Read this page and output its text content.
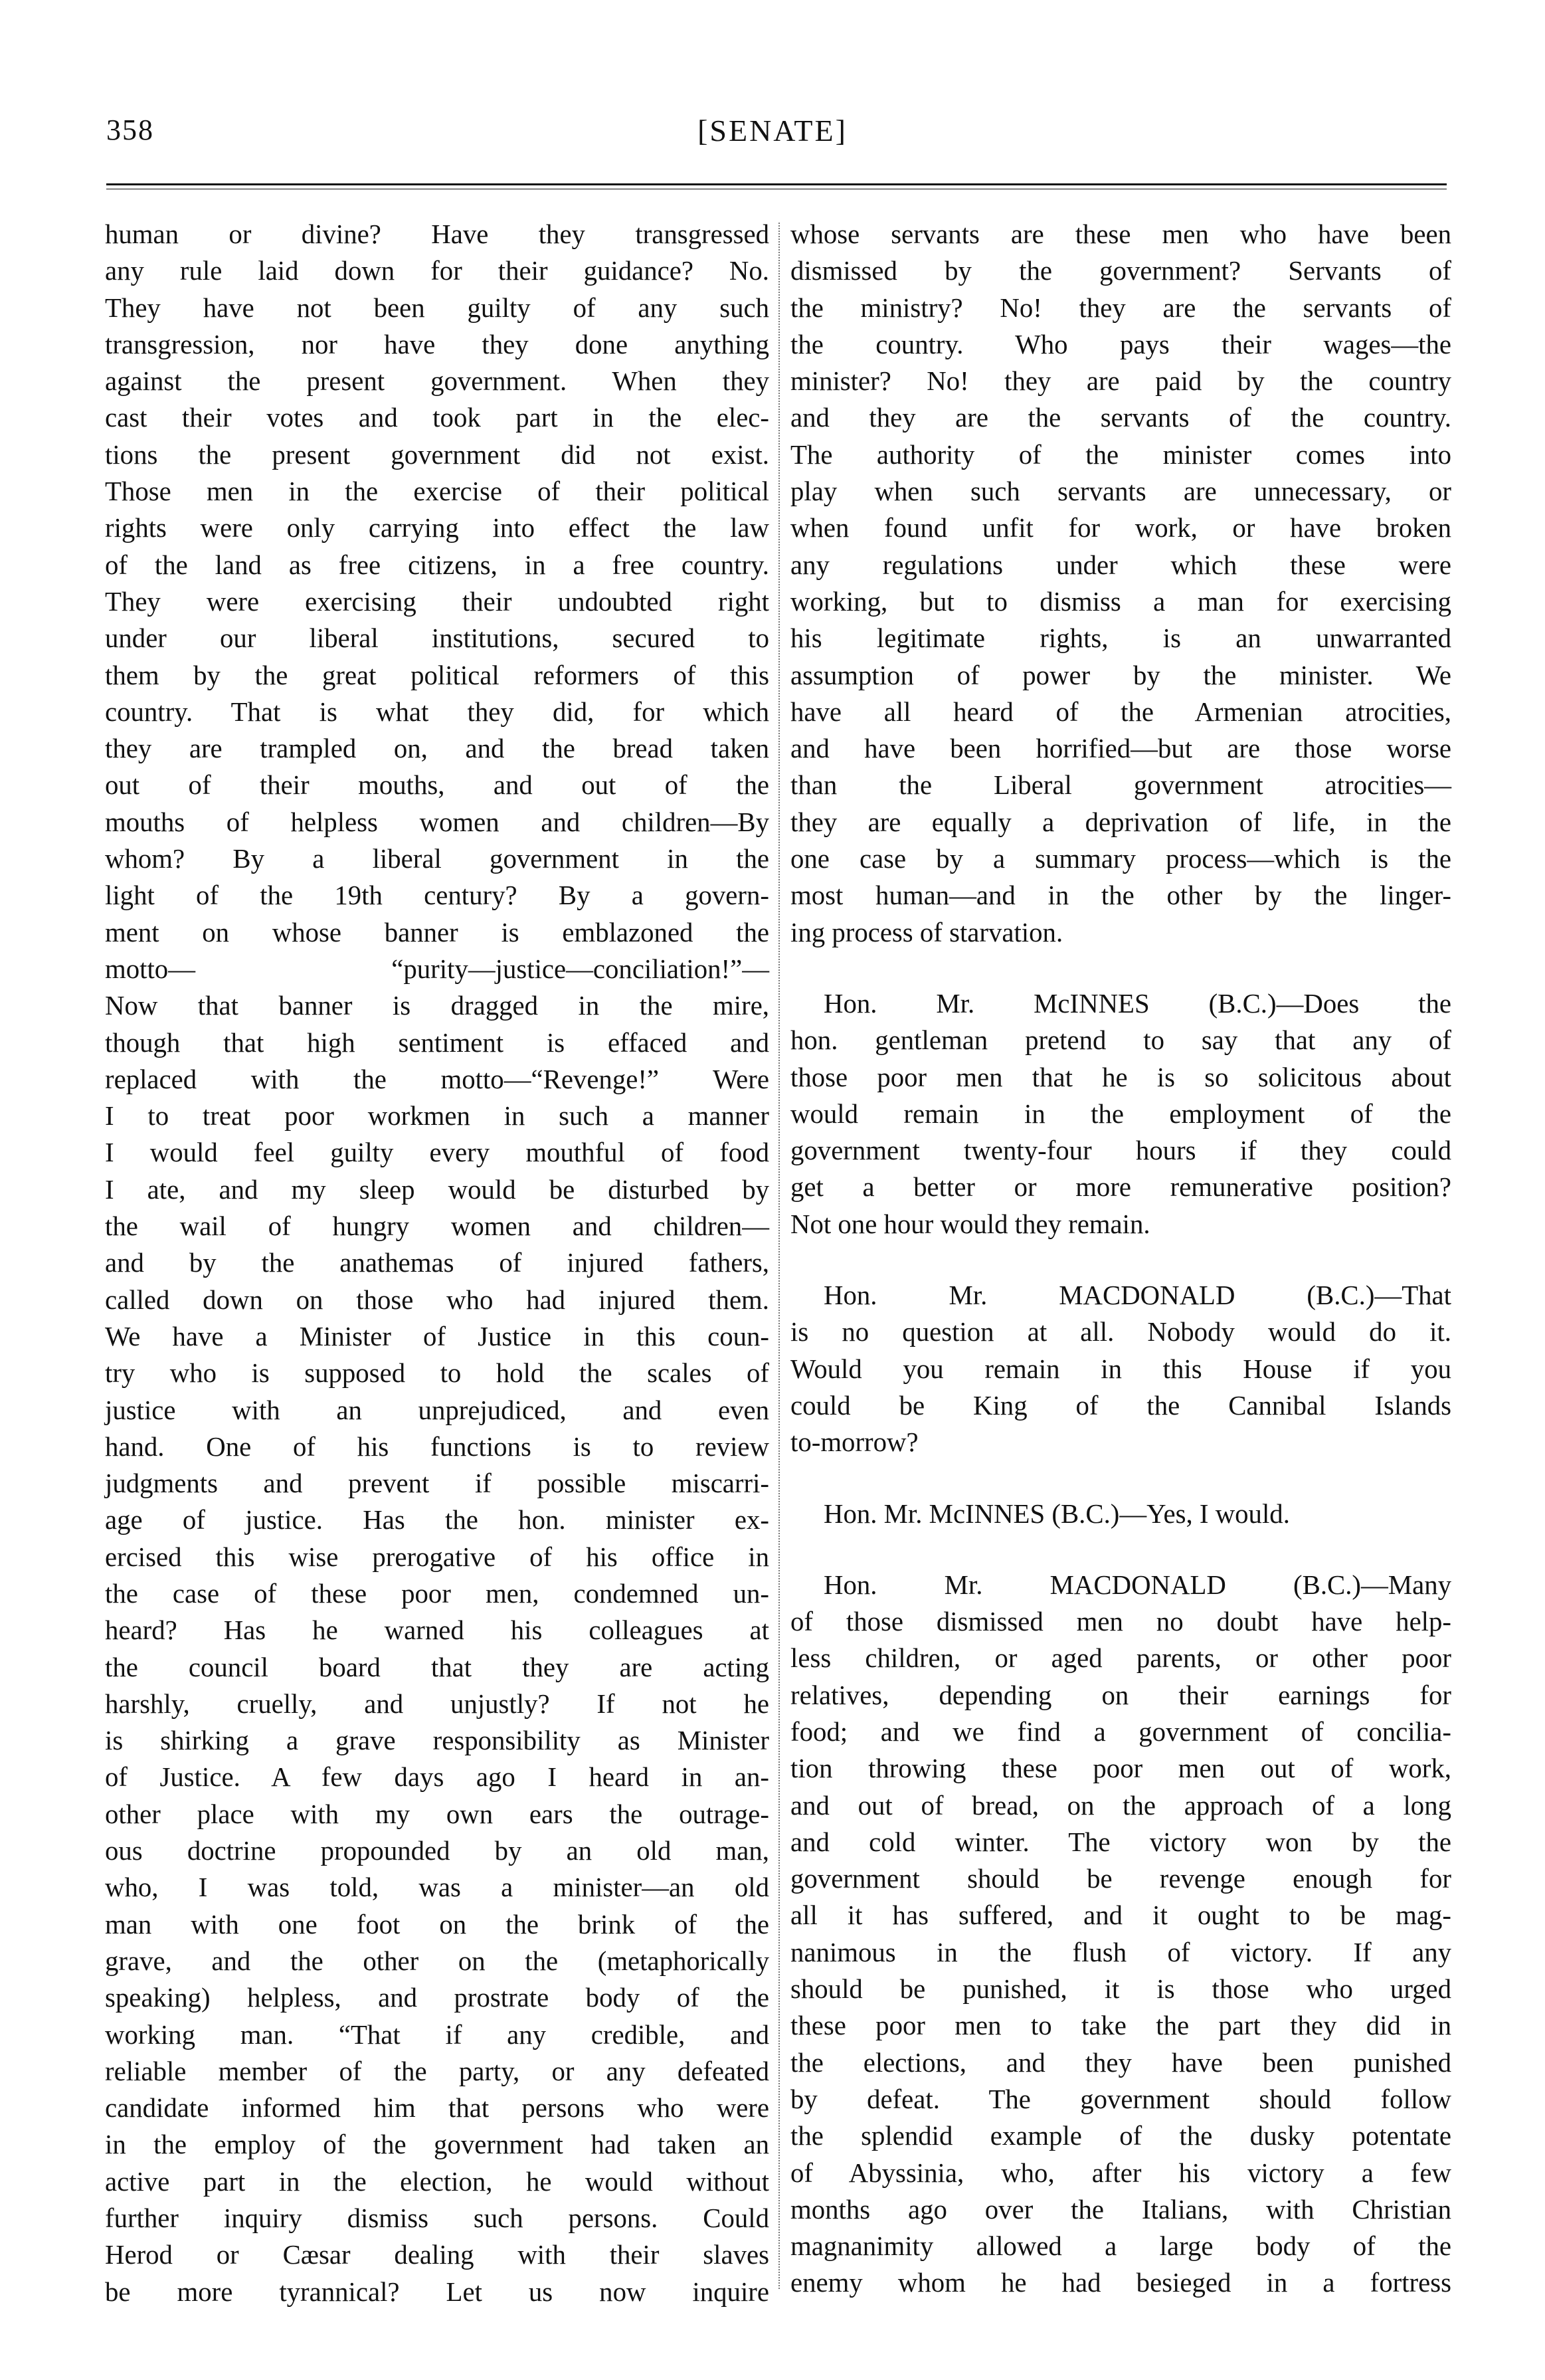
358	[SENATE]
human or divine? Have they transgressed
any rule laid down for their guidance? No.
They have not been guilty of any such
transgression, nor have they done anything
against the present government. When they
cast their votes and took part in the elec-
tions the present government did not exist.
Those men in the exercise of their political
rights were only carrying into effect the law
of the land as free citizens, in a free country.
They were exercising their undoubted right
under our liberal institutions, secured to
them by the great political reformers of this
country. That is what they did, for which
they are trampled on, and the bread taken
out of their mouths, and out of the
mouths of helpless women and children—By
whom? By a liberal government in the
light of the 19th century? By a govern-
ment on whose banner is emblazoned the
motto— “purity—justice—conciliation!”—
Now that banner is dragged in the mire,
though that high sentiment is effaced and
replaced with the motto—“Revenge!” Were
I to treat poor workmen in such a manner
I would feel guilty every mouthful of food
I ate, and my sleep would be disturbed by
the wail of hungry women and children—
and by the anathemas of injured fathers,
called down on those who had injured them.
We have a Minister of Justice in this coun-
try who is supposed to hold the scales of
justice with an unprejudiced, and even
hand. One of his functions is to review
judgments and prevent if possible miscarri-
age of justice. Has the hon. minister ex-
ercised this wise prerogative of his office in
the case of these poor men, condemned un-
heard? Has he warned his colleagues at
the council board that they are acting
harshly, cruelly, and unjustly? If not he
is shirking a grave responsibility as Minister
of Justice. A few days ago I heard in an-
other place with my own ears the outrage-
ous doctrine propounded by an old man,
who, I was told, was a minister—an old
man with one foot on the brink of the
grave, and the other on the (metaphorically
speaking) helpless, and prostrate body of the
working man. “That if any credible, and
reliable member of the party, or any defeated
candidate informed him that persons who were
in the employ of the government had taken an
active part in the election, he would without
further inquiry dismiss such persons. Could
Herod or Cæsar dealing with their slaves
be more tyrannical? Let us now inquire
whose servants are these men who have been
dismissed by the government? Servants of
the ministry? No! they are the servants of
the country. Who pays their wages—the
minister? No! they are paid by the country
and they are the servants of the country.
The authority of the minister comes into
play when such servants are unnecessary, or
when found unfit for work, or have broken
any regulations under which these were
working, but to dismiss a man for exercising
his legitimate rights, is an unwarranted
assumption of power by the minister. We
have all heard of the Armenian atrocities,
and have been horrified—but are those worse
than the Liberal government atrocities—
they are equally a deprivation of life, in the
one case by a summary process—which is the
most human—and in the other by the linger-
ing process of starvation.
Hon. Mr. McINNES (B.C.)—Does the
hon. gentleman pretend to say that any of
those poor men that he is so solicitous about
would remain in the employment of the
government twenty-four hours if they could
get a better or more remunerative position?
Not one hour would they remain.
Hon. Mr. MACDONALD (B.C.)—That
is no question at all. Nobody would do it.
Would you remain in this House if you
could be King of the Cannibal Islands
to-morrow?
Hon. Mr. McINNES (B.C.)—Yes, I would.
Hon. Mr. MACDONALD (B.C.)—Many
of those dismissed men no doubt have help-
less children, or aged parents, or other poor
relatives, depending on their earnings for
food; and we find a government of concilia-
tion throwing these poor men out of work,
and out of bread, on the approach of a long
and cold winter. The victory won by the
government should be revenge enough for
all it has suffered, and it ought to be mag-
nanimous in the flush of victory. If any
should be punished, it is those who urged
these poor men to take the part they did in
the elections, and they have been punished
by defeat. The government should follow
the splendid example of the dusky potentate
of Abyssinia, who, after his victory a few
months ago over the Italians, with Christian
magnanimity allowed a large body of the
enemy whom he had besieged in a fortress
